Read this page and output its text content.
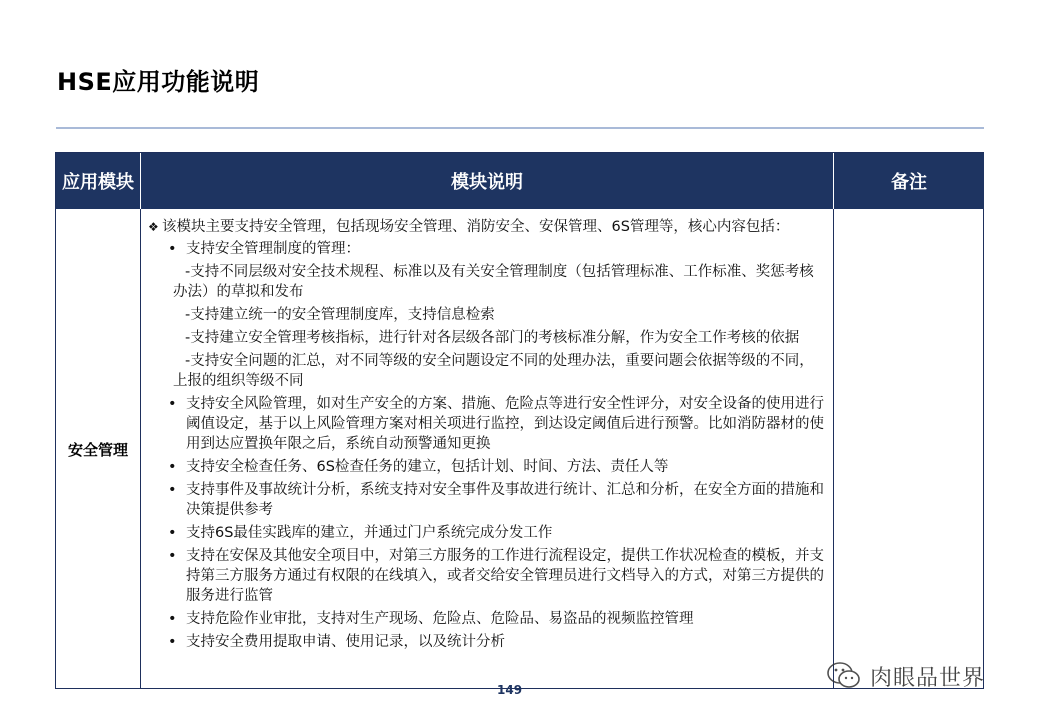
HSE应用功能说明
应用模块	模块说明	备注
安全管理
❖ 该模块主要支持安全管理，包括现场安全管理、消防安全、安保管理、6S管理等，核心内容包括：
• 支持安全管理制度的管理：
-支持不同层级对安全技术规程、标准以及有关安全管理制度（包括管理标准、工作标准、奖惩考核办法）的草拟和发布
-支持建立统一的安全管理制度库，支持信息检索
-支持建立安全管理考核指标，进行针对各层级各部门的考核标准分解，作为安全工作考核的依据
-支持安全问题的汇总，对不同等级的安全问题设定不同的处理办法，重要问题会依据等级的不同，上报的组织等级不同
• 支持安全风险管理，如对生产安全的方案、措施、危险点等进行安全性评分，对安全设备的使用进行阈值设定，基于以上风险管理方案对相关项进行监控，到达设定阈值后进行预警。比如消防器材的使用到达应置换年限之后，系统自动预警通知更换
• 支持安全检查任务、6S检查任务的建立，包括计划、时间、方法、责任人等
• 支持事件及事故统计分析，系统支持对安全事件及事故进行统计、汇总和分析，在安全方面的措施和决策提供参考
• 支持6S最佳实践库的建立，并通过门户系统完成分发工作
• 支持在安保及其他安全项目中，对第三方服务的工作进行流程设定，提供工作状况检查的模板，并支持第三方服务方通过有权限的在线填入，或者交给安全管理员进行文档导入的方式，对第三方提供的服务进行监管
• 支持危险作业审批，支持对生产现场、危险点、危险品、易盗品的视频监控管理
• 支持安全费用提取申请、使用记录，以及统计分析
149	肉眼品世界
